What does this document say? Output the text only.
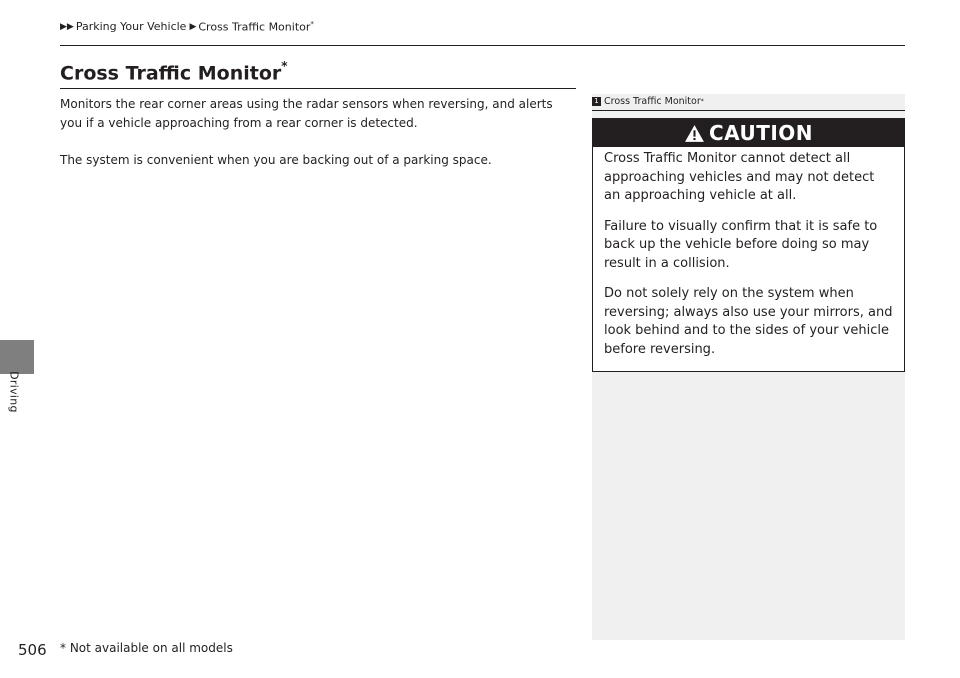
Driving
▶▶ Parking Your Vehicle ▶ Cross Traffic Monitor*
Cross Traffic Monitor*

Monitors the rear corner areas using the radar sensors when reversing, and alerts you if a vehicle approaching from a rear corner is detected.

The system is convenient when you are backing out of a parking space.

1 Cross Traffic Monitor *
CAUTION

Cross Traffic Monitor cannot detect all approaching vehicles and may not detect an approaching vehicle at all.

Failure to visually confirm that it is safe to back up the vehicle before doing so may result in a collision.

Do not solely rely on the system when reversing; always also use your mirrors, and look behind and to the sides of your vehicle before reversing.

506 * Not available on all models
